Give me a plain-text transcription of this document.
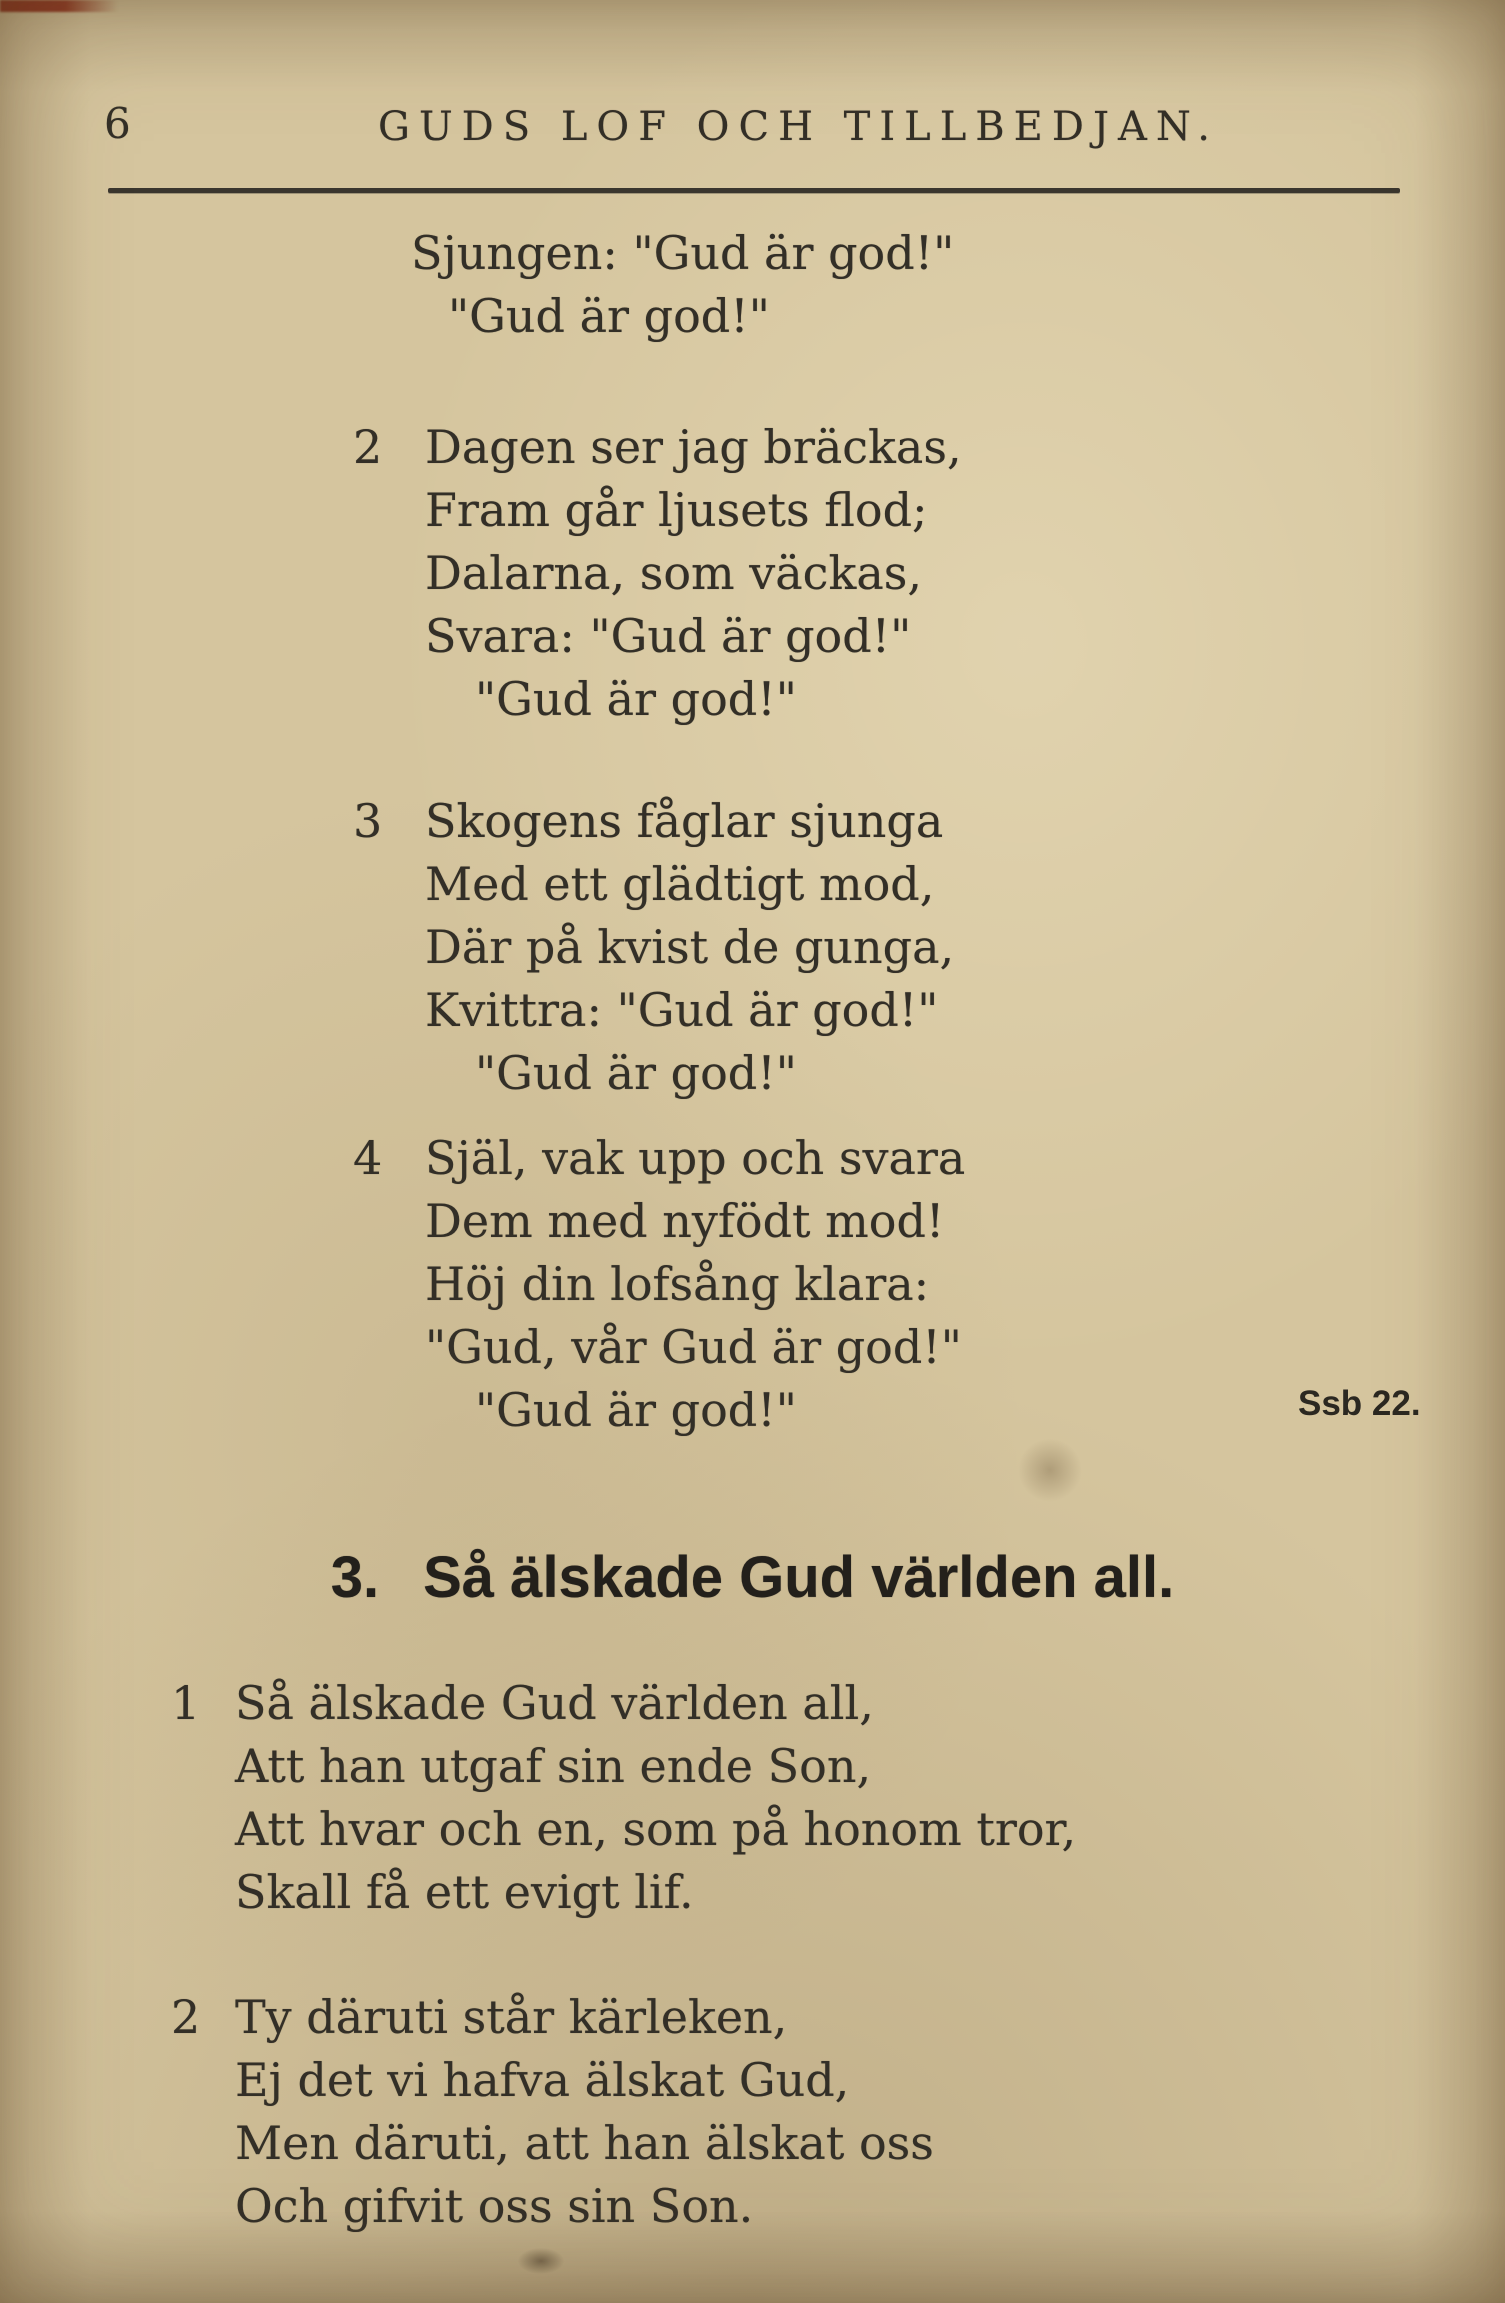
6	GUDS LOF OCH TILLBEDJAN.
Sjungen: "Gud är god!"
"Gud är god!"
2 Dagen ser jag bräckas,
Fram går ljusets flod;
Dalarna, som väckas,
Svara: "Gud är god!"
"Gud är god!"
3 Skogens fåglar sjunga
Med ett glädtigt mod,
Där på kvist de gunga,
Kvittra: "Gud är god!"
"Gud är god!"
4 Själ, vak upp och svara
Dem med nyfödt mod!
Höj din lofsång klara:
"Gud, vår Gud är god!"
"Gud är god!"	Ssb 22.
3. Så älskade Gud världen all.
1 Så älskade Gud världen all,
Att han utgaf sin ende Son,
Att hvar och en, som på honom tror,
Skall få ett evigt lif.
2 Ty däruti står kärleken,
Ej det vi hafva älskat Gud,
Men däruti, att han älskat oss
Och gifvit oss sin Son.
